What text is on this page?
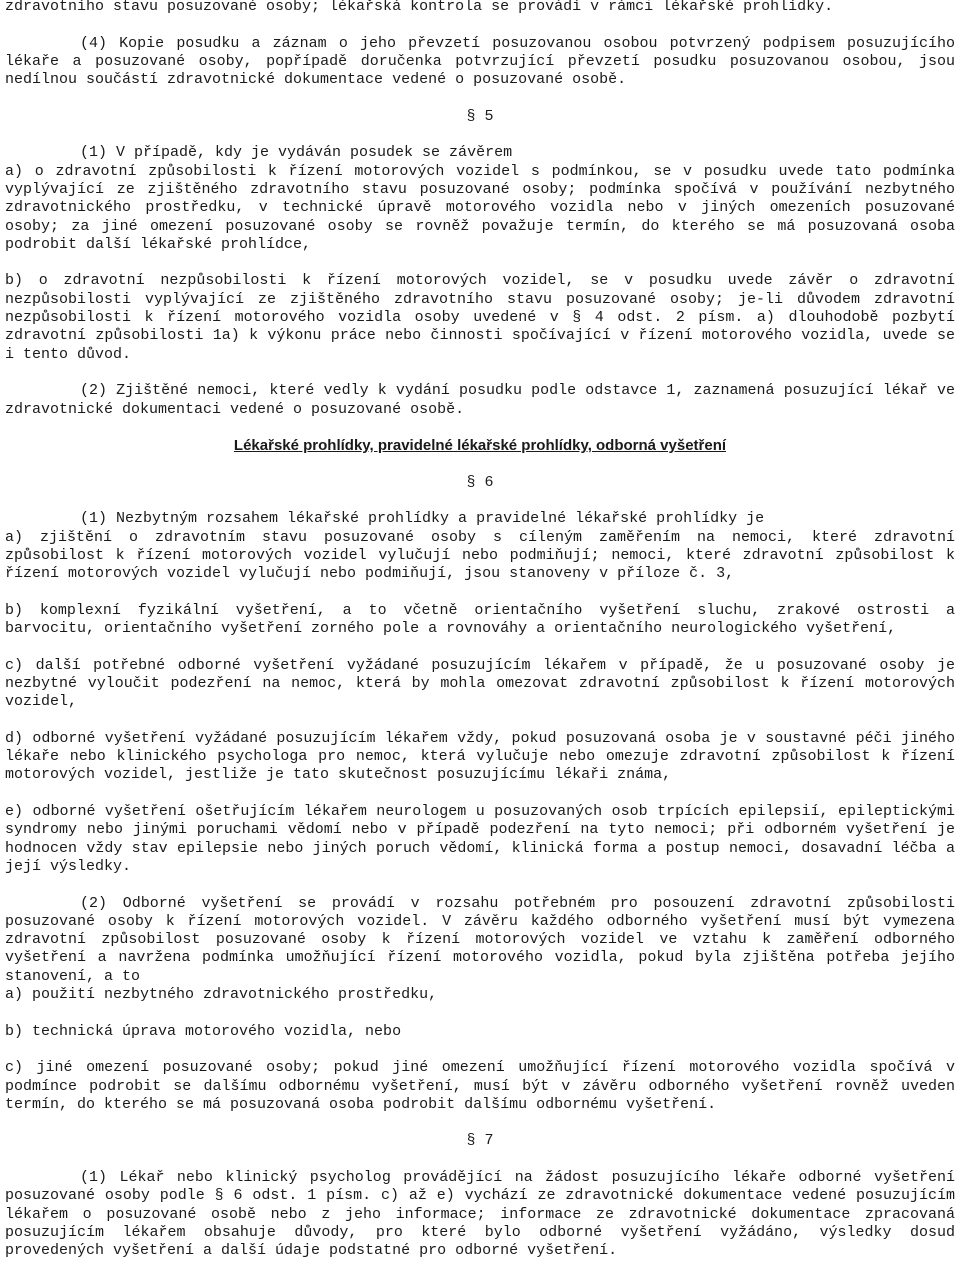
zdravotního stavu posuzované osoby; lékařská kontrola se provádí v rámci lékařské prohlídky.

(4) Kopie posudku a záznam o jeho převzetí posuzovanou osobou potvrzený podpisem posuzujícího lékaře a posuzované osoby, popřípadě doručenka potvrzující převzetí posudku posuzovanou osobou, jsou nedílnou součástí zdravotnické dokumentace vedené o posuzované osobě.

§ 5

(1) V případě, kdy je vydáván posudek se závěrem

a) o zdravotní způsobilosti k řízení motorových vozidel s podmínkou, se v posudku uvede tato podmínka vyplývající ze zjištěného zdravotního stavu posuzované osoby; podmínka spočívá v používání nezbytného zdravotnického prostředku, v technické úpravě motorového vozidla nebo v jiných omezeních posuzované osoby; za jiné omezení posuzované osoby se rovněž považuje termín, do kterého se má posuzovaná osoba podrobit další lékařské prohlídce,

b) o zdravotní nezpůsobilosti k řízení motorových vozidel, se v posudku uvede závěr o zdravotní nezpůsobilosti vyplývající ze zjištěného zdravotního stavu posuzované osoby; je-li důvodem zdravotní nezpůsobilosti k řízení motorového vozidla osoby uvedené v § 4 odst. 2 písm. a) dlouhodobě pozbytí zdravotní způsobilosti 1a) k výkonu práce nebo činnosti spočívající v řízení motorového vozidla, uvede se i tento důvod.

(2) Zjištěné nemoci, které vedly k vydání posudku podle odstavce 1, zaznamená posuzující lékař ve zdravotnické dokumentaci vedené o posuzované osobě.

Lékařské prohlídky, pravidelné lékařské prohlídky, odborná vyšetření

§ 6

(1) Nezbytným rozsahem lékařské prohlídky a pravidelné lékařské prohlídky je

a) zjištění o zdravotním stavu posuzované osoby s cíleným zaměřením na nemoci, které zdravotní způsobilost k řízení motorových vozidel vylučují nebo podmiňují; nemoci, které zdravotní způsobilost k řízení motorových vozidel vylučují nebo podmiňují, jsou stanoveny v příloze č. 3,

b) komplexní fyzikální vyšetření, a to včetně orientačního vyšetření sluchu, zrakové ostrosti a barvocitu, orientačního vyšetření zorného pole a rovnováhy a orientačního neurologického vyšetření,

c) další potřebné odborné vyšetření vyžádané posuzujícím lékařem v případě, že u posuzované osoby je nezbytné vyloučit podezření na nemoc, která by mohla omezovat zdravotní způsobilost k řízení motorových vozidel,

d) odborné vyšetření vyžádané posuzujícím lékařem vždy, pokud posuzovaná osoba je v soustavné péči jiného lékaře nebo klinického psychologa pro nemoc, která vylučuje nebo omezuje zdravotní způsobilost k řízení motorových vozidel, jestliže je tato skutečnost posuzujícímu lékaři známa,

e) odborné vyšetření ošetřujícím lékařem neurologem u posuzovaných osob trpících epilepsií, epileptickými syndromy nebo jinými poruchami vědomí nebo v případě podezření na tyto nemoci; při odborném vyšetření je hodnocen vždy stav epilepsie nebo jiných poruch vědomí, klinická forma a postup nemoci, dosavadní léčba a její výsledky.

(2) Odborné vyšetření se provádí v rozsahu potřebném pro posouzení zdravotní způsobilosti posuzované osoby k řízení motorových vozidel. V závěru každého odborného vyšetření musí být vymezena zdravotní způsobilost posuzované osoby k řízení motorových vozidel ve vztahu k zaměření odborného vyšetření a navržena podmínka umožňující řízení motorového vozidla, pokud byla zjištěna potřeba jejího stanovení, a to

a) použití nezbytného zdravotnického prostředku,

b) technická úprava motorového vozidla, nebo

c) jiné omezení posuzované osoby; pokud jiné omezení umožňující řízení motorového vozidla spočívá v podmínce podrobit se dalšímu odbornému vyšetření, musí být v závěru odborného vyšetření rovněž uveden termín, do kterého se má posuzovaná osoba podrobit dalšímu odbornému vyšetření.

§ 7

(1) Lékař nebo klinický psycholog provádějící na žádost posuzujícího lékaře odborné vyšetření posuzované osoby podle § 6 odst. 1 písm. c) až e) vychází ze zdravotnické dokumentace vedené posuzujícím lékařem o posuzované osobě nebo z jeho informace; informace ze zdravotnické dokumentace zpracovaná posuzujícím lékařem obsahuje důvody, pro které bylo odborné vyšetření vyžádáno, výsledky dosud provedených vyšetření a další údaje podstatné pro odborné vyšetření.
